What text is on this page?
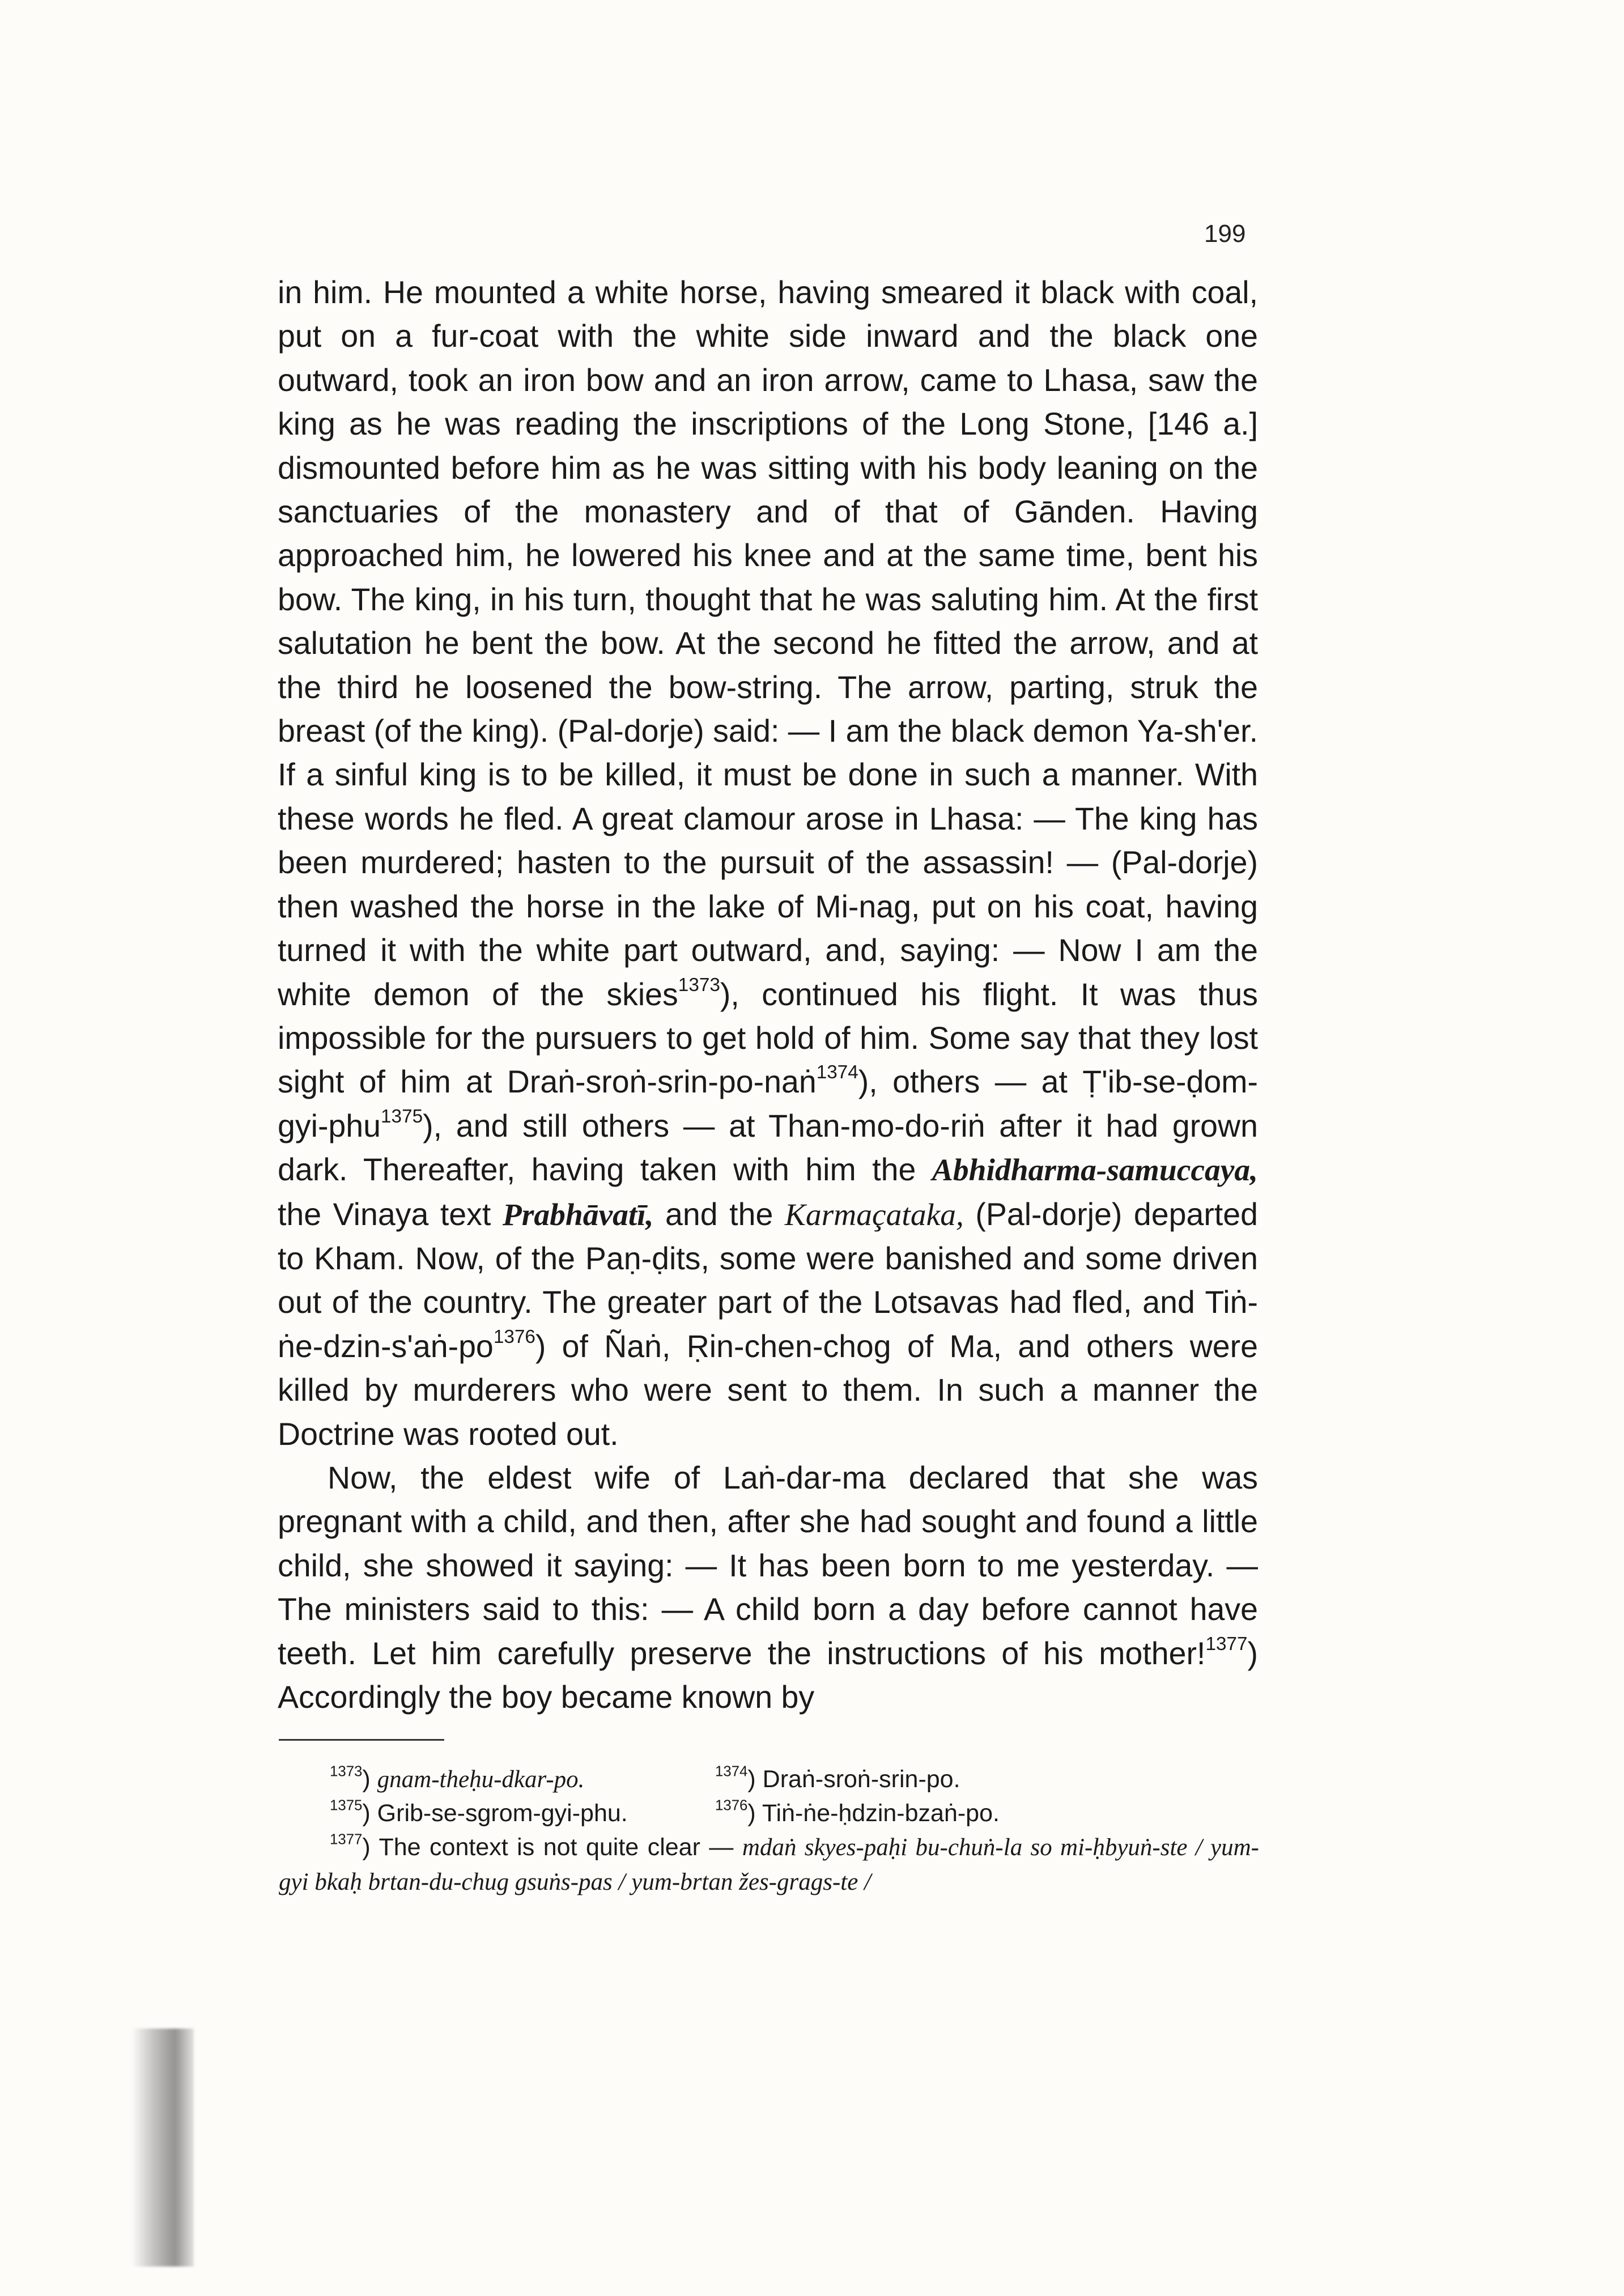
199

in him. He mounted a white horse, having smeared it black with coal, put on a fur-coat with the white side inward and the black one outward, took an iron bow and an iron arrow, came to Lhasa, saw the king as he was reading the inscriptions of the Long Stone, [146 a.] dismounted before him as he was sitting with his body leaning on the sanctuaries of the monastery and of that of Gānden. Having approached him, he lowered his knee and at the same time, bent his bow. The king, in his turn, thought that he was saluting him. At the first salutation he bent the bow. At the second he fitted the arrow, and at the third he loosened the bow-string. The arrow, parting, struk the breast (of the king). (Pal-dorje) said: — I am the black demon Ya-sh'er. If a sinful king is to be killed, it must be done in such a manner. With these words he fled. A great clamour arose in Lhasa: — The king has been murdered; hasten to the pursuit of the assassin! — (Pal-dorje) then washed the horse in the lake of Mi-nag, put on his coat, having turned it with the white part outward, and, saying: — Now I am the white demon of the skies$^{1373}$), continued his flight. It was thus impossible for the pursuers to get hold of him. Some say that they lost sight of him at Draṅ-sroṅ-srin-po-naṅ$^{1374}$), others — at Ṭ'ib-se-ḍom-gyi-phu$^{1375}$), and still others — at Than-mo-do-riṅ after it had grown dark. Thereafter, having taken with him the Abhidharma-samuccaya, the Vinaya text Prabhāvatī, and the Karmaçataka, (Pal-dorje) departed to Kham. Now, of the Paṇ-ḍits, some were banished and some driven out of the country. The greater part of the Lotsavas had fled, and Tiṅ-$ṅe-dzin-s'aṅ-po^{1376}$) of Ñaṅ, Ṛin-chen-chog of Ma, and others were killed by murderers who were sent to them. In such a manner the Doctrine was rooted out.

Now, the eldest wife of Laṅ-dar-ma declared that she was pregnant with a child, and then, after she had sought and found a little child, she showed it saying: — It has been born to me yesterday. — The ministers said to this: — A child born a day before cannot have teeth. Let him carefully preserve the instructions of his mother!$^{1377}$) Accordingly the boy became known by

$^{1373}$) gnam-theḥu-dkar-po.	$^{1374}$) Draṅ-sroṅ-srin-po.
$^{1375}$) Grib-se-sgrom-gyi-phu.	$^{1376}$) Tiṅ-ṅe-ḥdzin-bzaṅ-po.
$^{1377}$) The context is not quite clear — mdaṅ skyes-paḥi bu-chuṅ-la so mi-ḥbyuṅ-ste / yum-gyi bkaḥ brtan-du-chug gsuṅs-pas / yum-brtan žes-grags-te /
